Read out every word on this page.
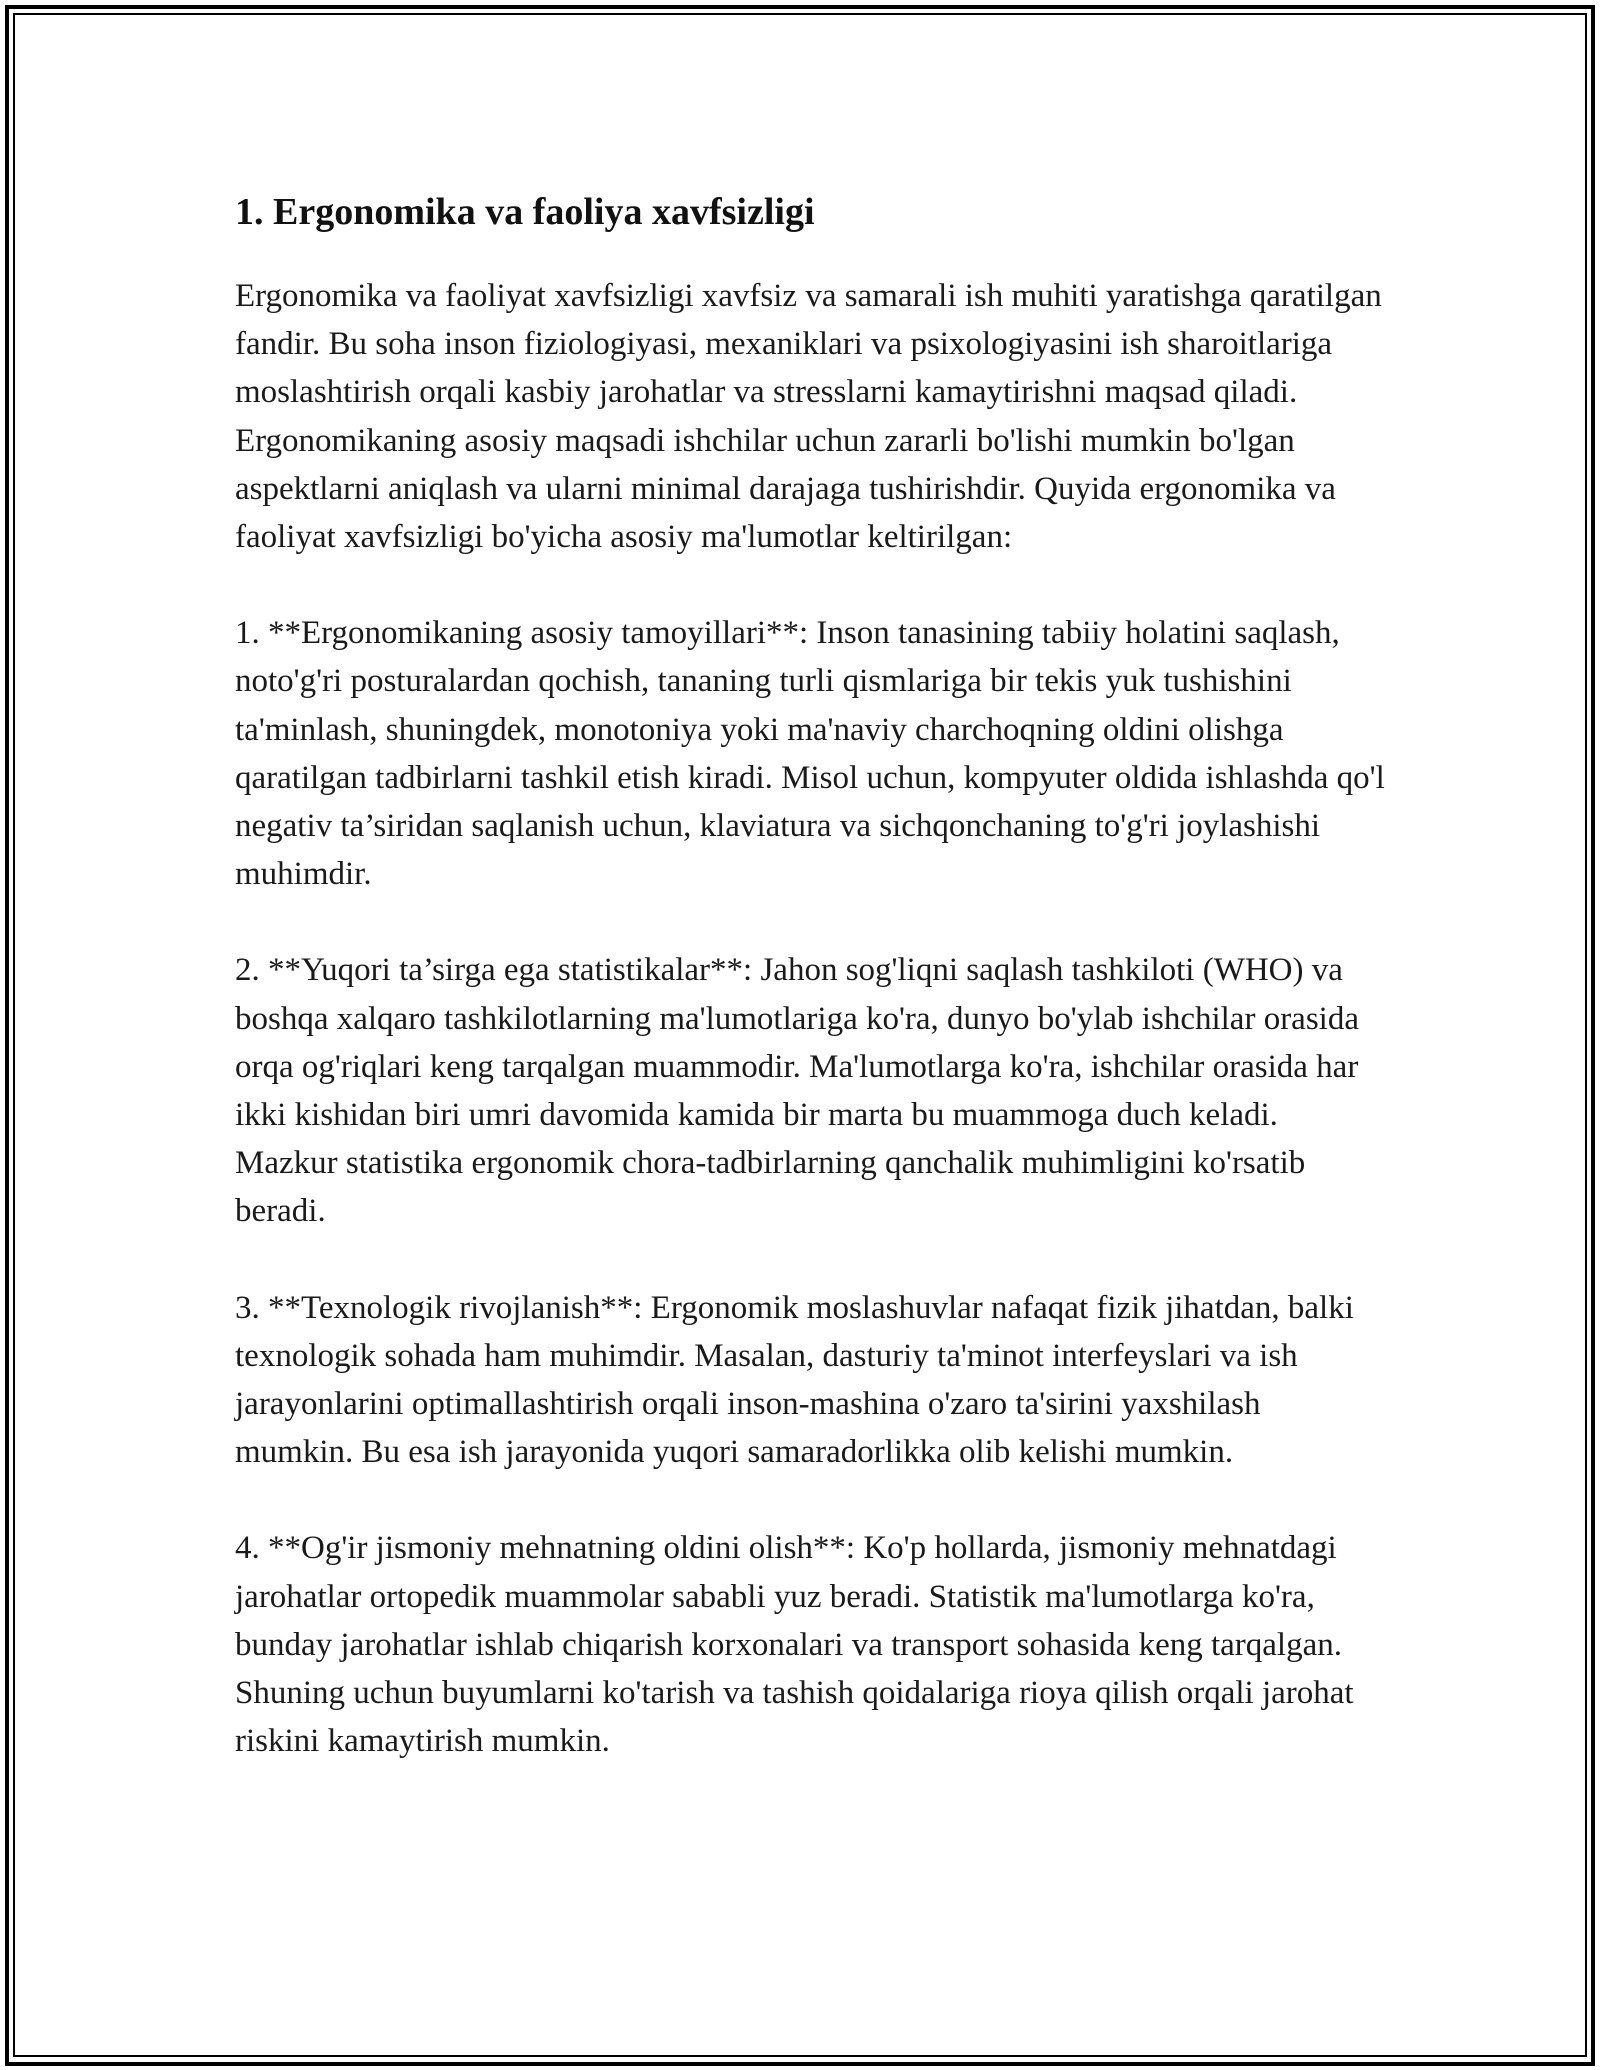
1. Ergonomika va faoliya xavfsizligi

Ergonomika va faoliyat xavfsizligi xavfsiz va samarali ish muhiti yaratishga qaratilgan fandir. Bu soha inson fiziologiyasi, mexaniklari va psixologiyasini ish sharoitlariga moslashtirish orqali kasbiy jarohatlar va stresslarni kamaytirishni maqsad qiladi. Ergonomikaning asosiy maqsadi ishchilar uchun zararli bo'lishi mumkin bo'lgan aspektlarni aniqlash va ularni minimal darajaga tushirishdir. Quyida ergonomika va faoliyat xavfsizligi bo'yicha asosiy ma'lumotlar keltirilgan:

1. **Ergonomikaning asosiy tamoyillari**: Inson tanasining tabiiy holatini saqlash, noto'g'ri posturalardan qochish, tananing turli qismlariga bir tekis yuk tushishini ta'minlash, shuningdek, monotoniya yoki ma'naviy charchoqning oldini olishga qaratilgan tadbirlarni tashkil etish kiradi. Misol uchun, kompyuter oldida ishlashda qo'l negativ ta’siridan saqlanish uchun, klaviatura va sichqonchaning to'g'ri joylashishi muhimdir.

2. **Yuqori ta’sirga ega statistikalar**: Jahon sog'liqni saqlash tashkiloti (WHO) va boshqa xalqaro tashkilotlarning ma'lumotlariga ko'ra, dunyo bo'ylab ishchilar orasida orqa og'riqlari keng tarqalgan muammodir. Ma'lumotlarga ko'ra, ishchilar orasida har ikki kishidan biri umri davomida kamida bir marta bu muammoga duch keladi. Mazkur statistika ergonomik chora-tadbirlarning qanchalik muhimligini ko'rsatib beradi.

3. **Texnologik rivojlanish**: Ergonomik moslashuvlar nafaqat fizik jihatdan, balki texnologik sohada ham muhimdir. Masalan, dasturiy ta'minot interfeyslari va ish jarayonlarini optimallashtirish orqali inson-mashina o'zaro ta'sirini yaxshilash mumkin. Bu esa ish jarayonida yuqori samaradorlikka olib kelishi mumkin.

4. **Og'ir jismoniy mehnatning oldini olish**: Ko'p hollarda, jismoniy mehnatdagi jarohatlar ortopedik muammolar sababli yuz beradi. Statistik ma'lumotlarga ko'ra, bunday jarohatlar ishlab chiqarish korxonalari va transport sohasida keng tarqalgan. Shuning uchun buyumlarni ko'tarish va tashish qoidalariga rioya qilish orqali jarohat riskini kamaytirish mumkin.
